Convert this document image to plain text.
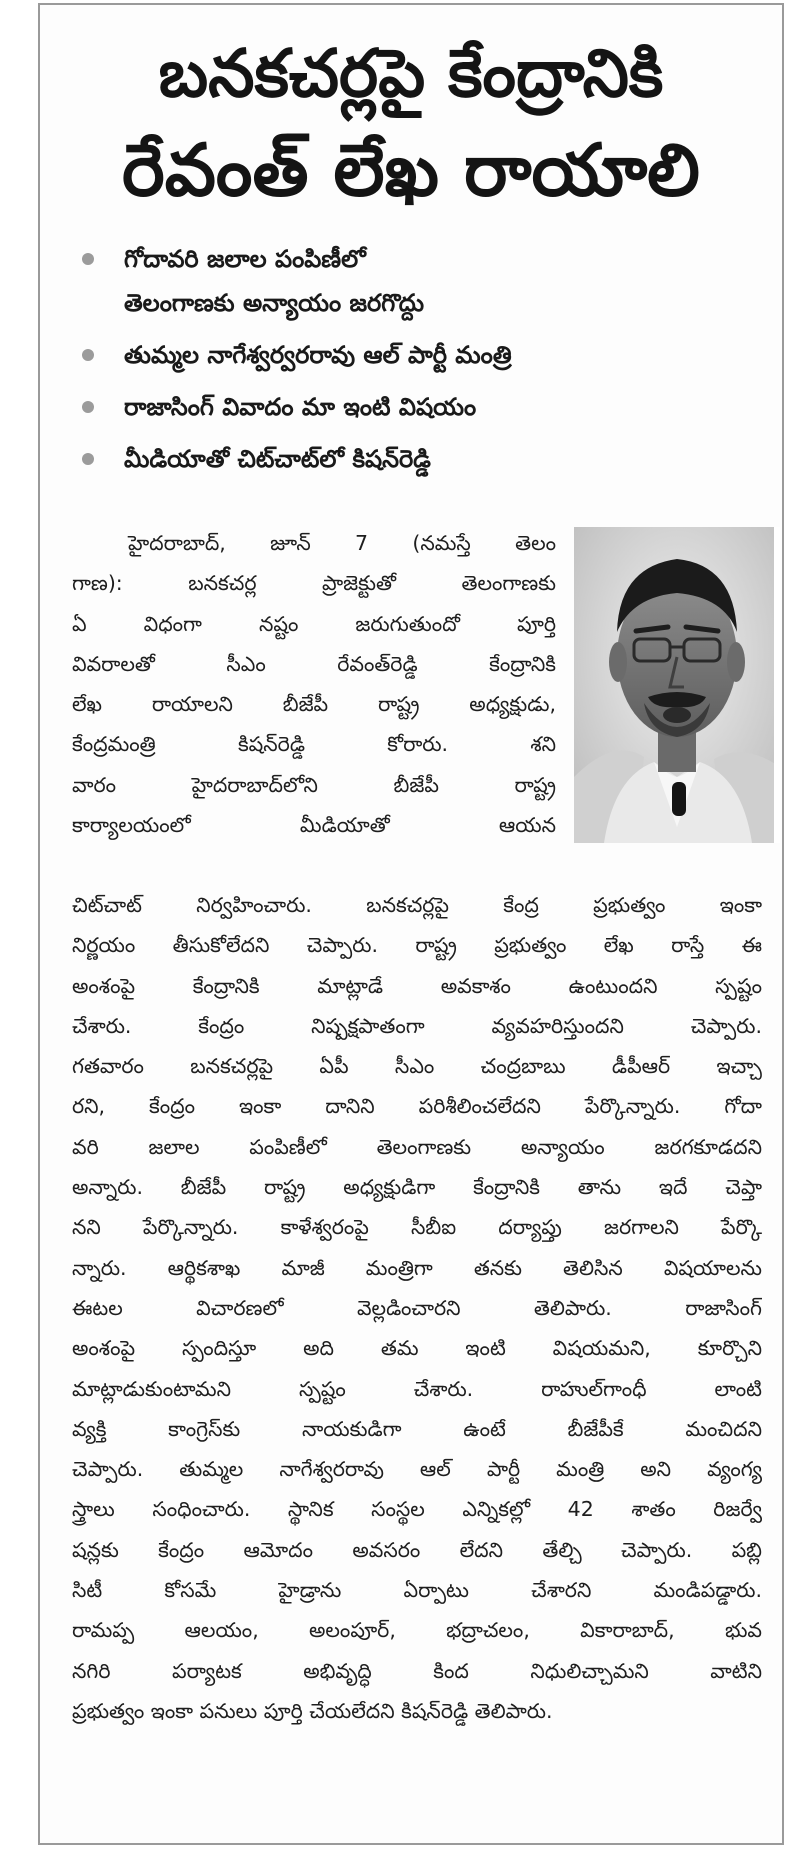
బనకచర్లపై కేంద్రానికి
రేవంత్ లేఖ రాయాలి
గోదావరి జలాల పంపిణీలో
తెలంగాణకు అన్యాయం జరగొద్దు
తుమ్మల నాగేశ్వర్వరరావు ఆల్ పార్టీ మంత్రి
రాజాసింగ్ వివాదం మా ఇంటి విషయం
మీడియాతో చిట్‌చాట్‌లో కిషన్‌రెడ్డి
హైదరాబాద్, జూన్ 7 (నమస్తే తెలం
గాణ): బనకచర్ల ప్రాజెక్టుతో తెలంగాణకు
ఏ విధంగా నష్టం జరుగుతుందో పూర్తి
వివరాలతో సీఎం రేవంత్‌రెడ్డి కేంద్రానికి
లేఖ రాయాలని బీజేపీ రాష్ట్ర అధ్యక్షుడు,
కేంద్రమంత్రి కిషన్‌రెడ్డి కోరారు. శని
వారం హైదరాబాద్‌లోని బీజేపీ రాష్ట్ర
కార్యాలయంలో మీడియాతో ఆయన
చిట్‌చాట్ నిర్వహించారు. బనకచర్లపై కేంద్ర ప్రభుత్వం ఇంకా
నిర్ణయం తీసుకోలేదని చెప్పారు. రాష్ట్ర ప్రభుత్వం లేఖ రాస్తే ఈ
అంశంపై కేంద్రానికి మాట్లాడే అవకాశం ఉంటుందని స్పష్టం
చేశారు. కేంద్రం నిష్పక్షపాతంగా వ్యవహరిస్తుందని చెప్పారు.
గతవారం బనకచర్లపై ఏపీ సీఎం చంద్రబాబు డీపీఆర్ ఇచ్చా
రని, కేంద్రం ఇంకా దానిని పరిశీలించలేదని పేర్కొన్నారు. గోదా
వరి జలాల పంపిణీలో తెలంగాణకు అన్యాయం జరగకూడదని
అన్నారు. బీజేపీ రాష్ట్ర అధ్యక్షుడిగా కేంద్రానికి తాను ఇదే చెప్తా
నని పేర్కొన్నారు. కాళేశ్వరంపై సీబీఐ దర్యాప్తు జరగాలని పేర్కొ
న్నారు. ఆర్థికశాఖ మాజీ మంత్రిగా తనకు తెలిసిన విషయాలను
ఈటల విచారణలో వెల్లడించారని తెలిపారు. రాజాసింగ్
అంశంపై స్పందిస్తూ అది తమ ఇంటి విషయమని, కూర్చొని
మాట్లాడుకుంటామని స్పష్టం చేశారు. రాహుల్‌గాంధీ లాంటి
వ్యక్తి కాంగ్రెస్‌కు నాయకుడిగా ఉంటే బీజేపీకే మంచిదని
చెప్పారు. తుమ్మల నాగేశ్వరరావు ఆల్ పార్టీ మంత్రి అని వ్యంగ్య
స్త్రాలు సంధించారు. స్థానిక సంస్థల ఎన్నికల్లో 42 శాతం రిజర్వే
షన్లకు కేంద్రం ఆమోదం అవసరం లేదని తేల్చి చెప్పారు. పబ్లి
సిటీ కోసమే హైడ్రాను ఏర్పాటు చేశారని మండిపడ్డారు.
రామప్ప ఆలయం, అలంపూర్, భద్రాచలం, వికారాబాద్, భువ
నగిరి పర్యాటక అభివృద్ధి కింద నిధులిచ్చామని వాటిని
ప్రభుత్వం ఇంకా పనులు పూర్తి చేయలేదని కిషన్‌రెడ్డి తెలిపారు.
